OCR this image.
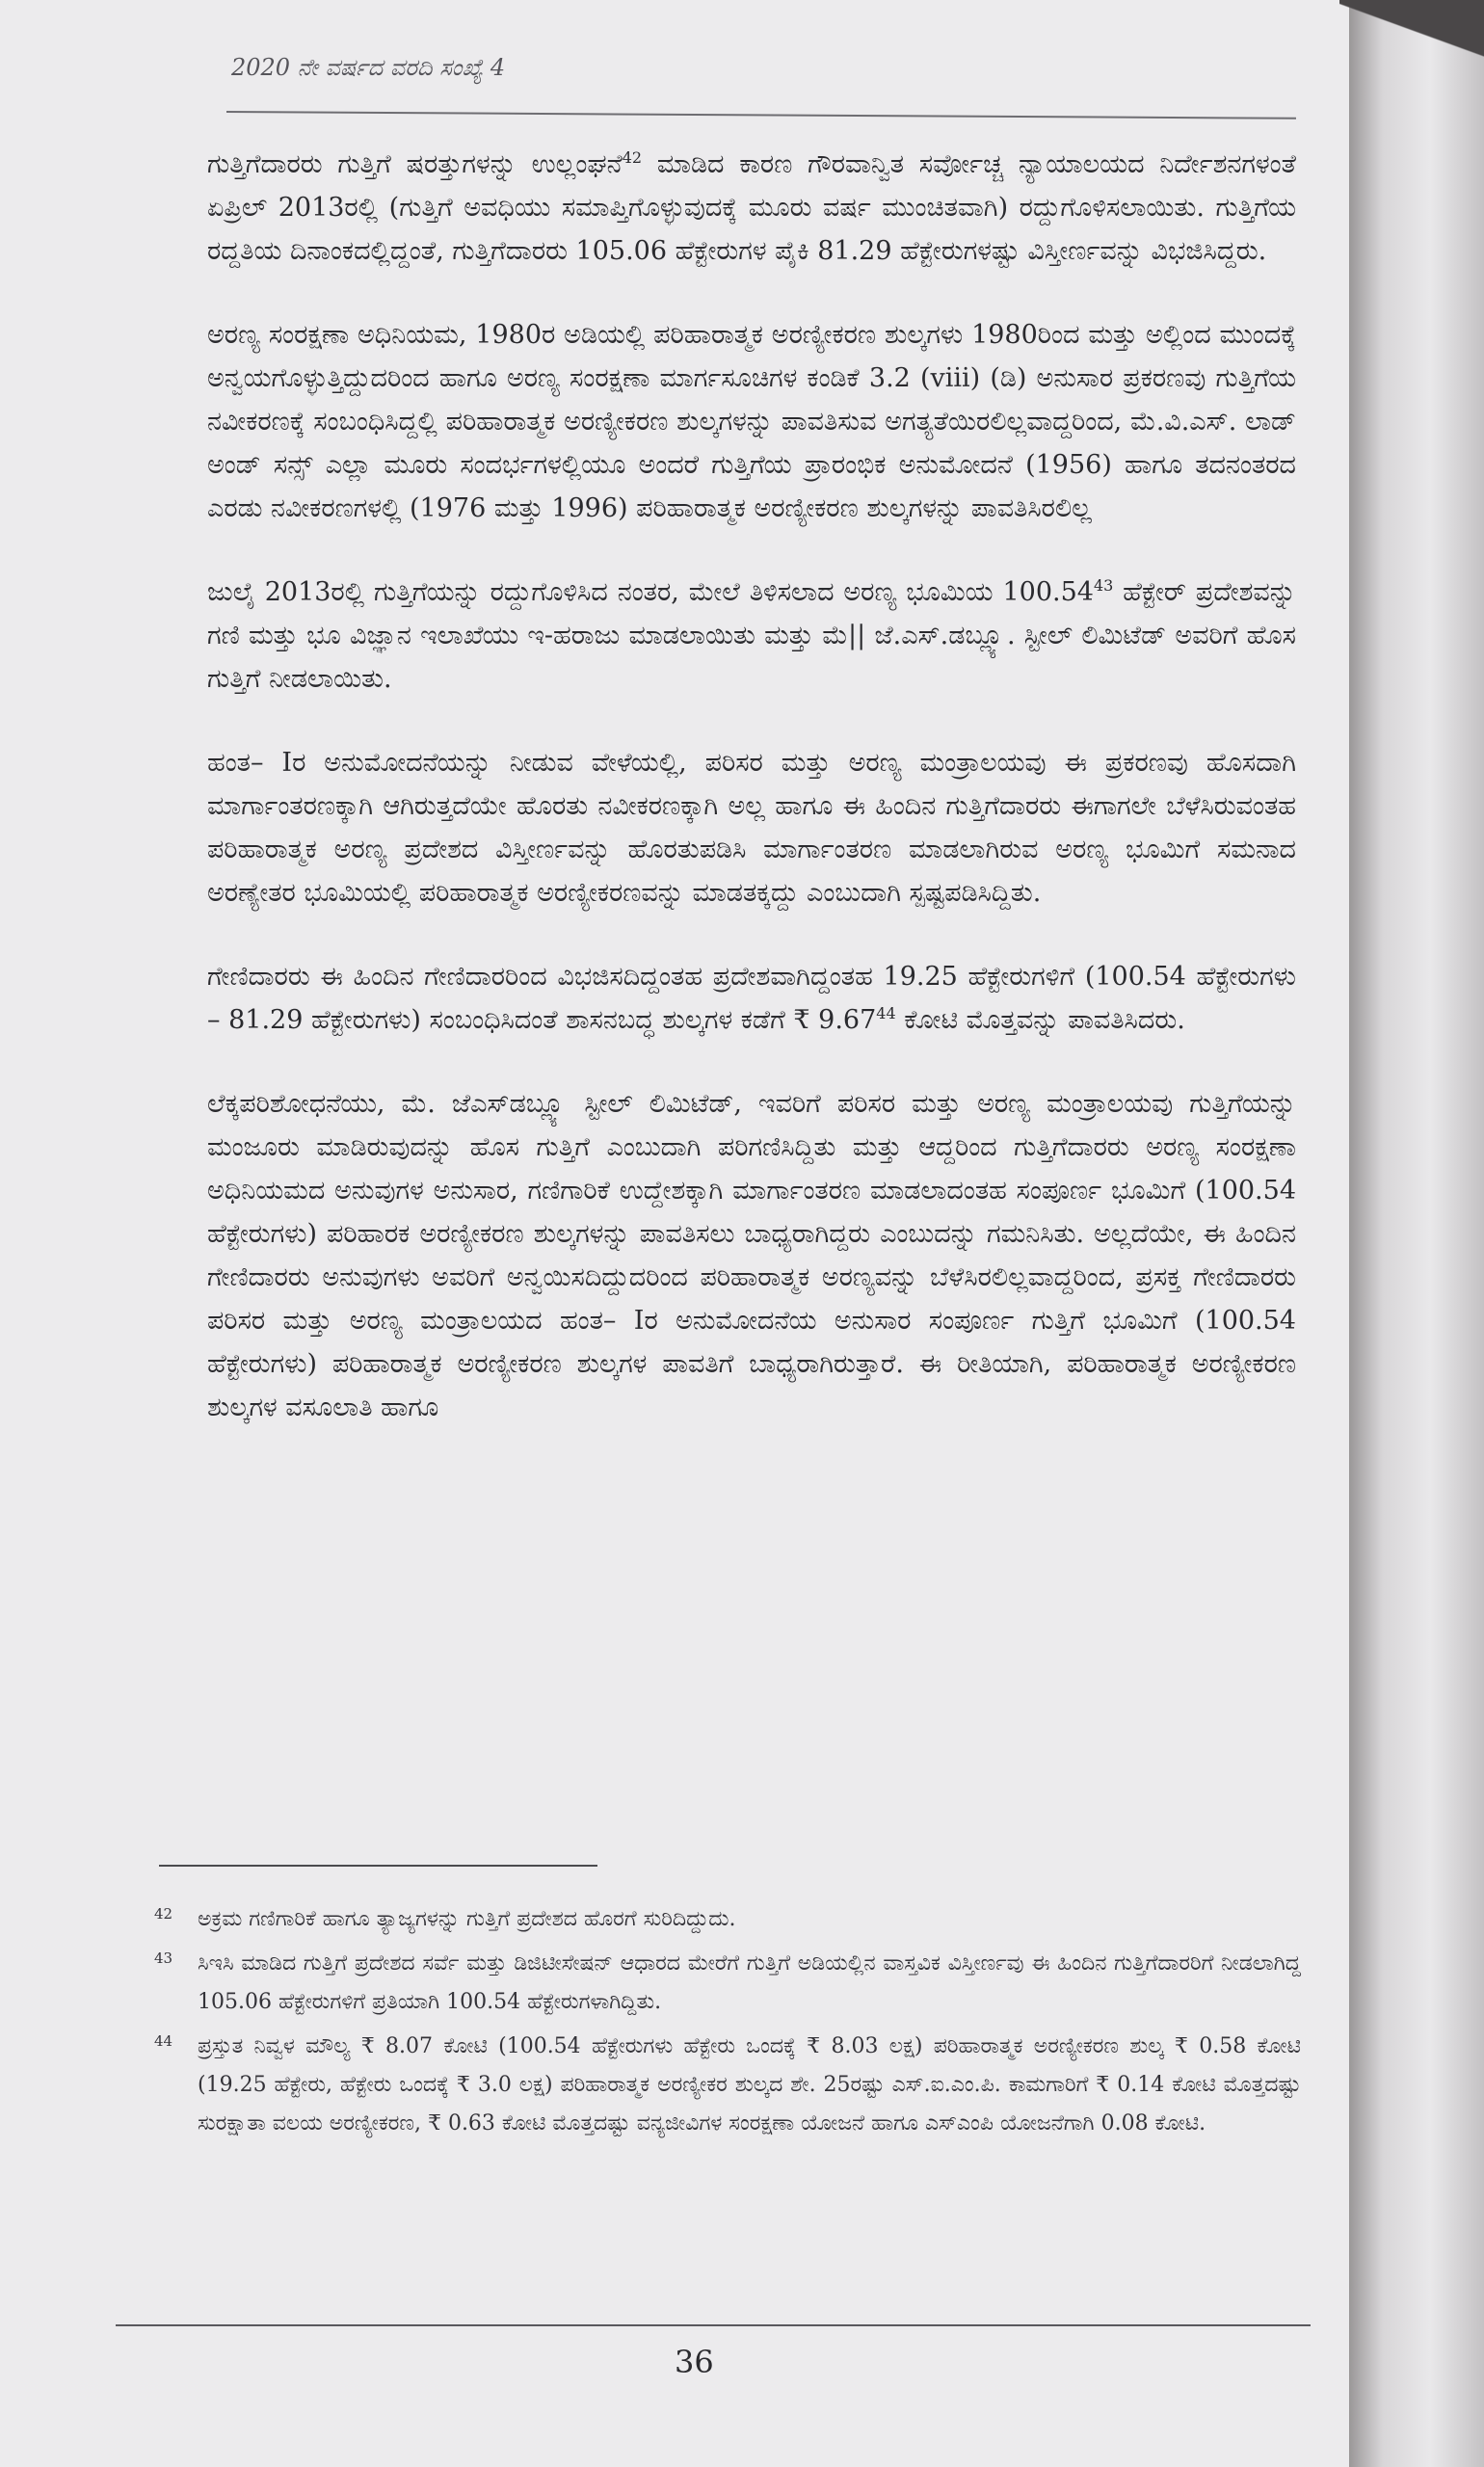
2020 ನೇ ವರ್ಷದ ವರದಿ ಸಂಖ್ಯೆ 4

ಗುತ್ತಿಗೆದಾರರು ಗುತ್ತಿಗೆ ಷರತ್ತುಗಳನ್ನು ಉಲ್ಲಂಘನೆ$^{42}$ ಮಾಡಿದ ಕಾರಣ ಗೌರವಾನ್ವಿತ ಸರ್ವೋಚ್ಚ ನ್ಯಾಯಾಲಯದ ನಿರ್ದೇಶನಗಳಂತೆ ಏಪ್ರಿಲ್ 2013ರಲ್ಲಿ (ಗುತ್ತಿಗೆ ಅವಧಿಯು ಸಮಾಪ್ತಿಗೊಳ್ಳುವುದಕ್ಕೆ ಮೂರು ವರ್ಷ ಮುಂಚಿತವಾಗಿ) ರದ್ದುಗೊಳಿಸಲಾಯಿತು. ಗುತ್ತಿಗೆಯ ರದ್ದತಿಯ ದಿನಾಂಕದಲ್ಲಿದ್ದಂತೆ, ಗುತ್ತಿಗೆದಾರರು 105.06 ಹೆಕ್ಟೇರುಗಳ ಪೈಕಿ 81.29 ಹೆಕ್ಟೇರುಗಳಷ್ಟು ವಿಸ್ತೀರ್ಣವನ್ನು ವಿಭಜಿಸಿದ್ದರು.

ಅರಣ್ಯ ಸಂರಕ್ಷಣಾ ಅಧಿನಿಯಮ, 1980ರ ಅಡಿಯಲ್ಲಿ ಪರಿಹಾರಾತ್ಮಕ ಅರಣ್ಯೀಕರಣ ಶುಲ್ಕಗಳು 1980ರಿಂದ ಮತ್ತು ಅಲ್ಲಿಂದ ಮುಂದಕ್ಕೆ ಅನ್ವಯಗೊಳ್ಳುತ್ತಿದ್ದುದರಿಂದ ಹಾಗೂ ಅರಣ್ಯ ಸಂರಕ್ಷಣಾ ಮಾರ್ಗಸೂಚಿಗಳ ಕಂಡಿಕೆ 3.2 (viii) (ಡಿ) ಅನುಸಾರ ಪ್ರಕರಣವು ಗುತ್ತಿಗೆಯ ನವೀಕರಣಕ್ಕೆ ಸಂಬಂಧಿಸಿದ್ದಲ್ಲಿ ಪರಿಹಾರಾತ್ಮಕ ಅರಣ್ಯೀಕರಣ ಶುಲ್ಕಗಳನ್ನು ಪಾವತಿಸುವ ಅಗತ್ಯತೆಯಿರಲಿಲ್ಲವಾದ್ದರಿಂದ, ಮೆ.ವಿ.ಎಸ್. ಲಾಡ್ ಅಂಡ್ ಸನ್ಸ್ ಎಲ್ಲಾ ಮೂರು ಸಂದರ್ಭಗಳಲ್ಲಿಯೂ ಅಂದರೆ ಗುತ್ತಿಗೆಯ ಪ್ರಾರಂಭಿಕ ಅನುಮೋದನೆ (1956) ಹಾಗೂ ತದನಂತರದ ಎರಡು ನವೀಕರಣಗಳಲ್ಲಿ (1976 ಮತ್ತು 1996) ಪರಿಹಾರಾತ್ಮಕ ಅರಣ್ಯೀಕರಣ ಶುಲ್ಕಗಳನ್ನು ಪಾವತಿಸಿರಲಿಲ್ಲ

ಜುಲೈ 2013ರಲ್ಲಿ ಗುತ್ತಿಗೆಯನ್ನು ರದ್ದುಗೊಳಿಸಿದ ನಂತರ, ಮೇಲೆ ತಿಳಿಸಲಾದ ಅರಣ್ಯ ಭೂಮಿಯ 100.54$^{43}$ ಹೆಕ್ಟೇರ್ ಪ್ರದೇಶವನ್ನು ಗಣಿ ಮತ್ತು ಭೂ ವಿಜ್ಞಾನ ಇಲಾಖೆಯು ಇ-ಹರಾಜು ಮಾಡಲಾಯಿತು ಮತ್ತು ಮೆ|| ಜೆ.ಎಸ್.ಡಬ್ಲ್ಯೂ. ಸ್ಟೀಲ್ ಲಿಮಿಟೆಡ್ ಅವರಿಗೆ ಹೊಸ ಗುತ್ತಿಗೆ ನೀಡಲಾಯಿತು.

ಹಂತ– Iರ ಅನುಮೋದನೆಯನ್ನು ನೀಡುವ ವೇಳೆಯಲ್ಲಿ, ಪರಿಸರ ಮತ್ತು ಅರಣ್ಯ ಮಂತ್ರಾಲಯವು ಈ ಪ್ರಕರಣವು ಹೊಸದಾಗಿ ಮಾರ್ಗಾಂತರಣಕ್ಕಾಗಿ ಆಗಿರುತ್ತದೆಯೇ ಹೊರತು ನವೀಕರಣಕ್ಕಾಗಿ ಅಲ್ಲ ಹಾಗೂ ಈ ಹಿಂದಿನ ಗುತ್ತಿಗೆದಾರರು ಈಗಾಗಲೇ ಬೆಳೆಸಿರುವಂತಹ ಪರಿಹಾರಾತ್ಮಕ ಅರಣ್ಯ ಪ್ರದೇಶದ ವಿಸ್ತೀರ್ಣವನ್ನು ಹೊರತುಪಡಿಸಿ ಮಾರ್ಗಾಂತರಣ ಮಾಡಲಾಗಿರುವ ಅರಣ್ಯ ಭೂಮಿಗೆ ಸಮನಾದ ಅರಣ್ಯೇತರ ಭೂಮಿಯಲ್ಲಿ ಪರಿಹಾರಾತ್ಮಕ ಅರಣ್ಯೀಕರಣವನ್ನು ಮಾಡತಕ್ಕದ್ದು ಎಂಬುದಾಗಿ ಸ್ಪಷ್ಟಪಡಿಸಿದ್ದಿತು.

ಗೇಣಿದಾರರು ಈ ಹಿಂದಿನ ಗೇಣಿದಾರರಿಂದ ವಿಭಜಿಸದಿದ್ದಂತಹ ಪ್ರದೇಶವಾಗಿದ್ದಂತಹ 19.25 ಹೆಕ್ಟೇರುಗಳಿಗೆ (100.54 ಹೆಕ್ಟೇರುಗಳು – 81.29 ಹೆಕ್ಟೇರುಗಳು) ಸಂಬಂಧಿಸಿದಂತೆ ಶಾಸನಬದ್ಧ ಶುಲ್ಕಗಳ ಕಡೆಗೆ ₹ 9.67$^{44}$ ಕೋಟಿ ಮೊತ್ತವನ್ನು ಪಾವತಿಸಿದರು.

ಲೆಕ್ಕಪರಿಶೋಧನೆಯು, ಮೆ. ಜೆಎಸ್‌ಡಬ್ಲ್ಯೂ ಸ್ಟೀಲ್ ಲಿಮಿಟೆಡ್, ಇವರಿಗೆ ಪರಿಸರ ಮತ್ತು ಅರಣ್ಯ ಮಂತ್ರಾಲಯವು ಗುತ್ತಿಗೆಯನ್ನು ಮಂಜೂರು ಮಾಡಿರುವುದನ್ನು ಹೊಸ ಗುತ್ತಿಗೆ ಎಂಬುದಾಗಿ ಪರಿಗಣಿಸಿದ್ದಿತು ಮತ್ತು ಆದ್ದರಿಂದ ಗುತ್ತಿಗೆದಾರರು ಅರಣ್ಯ ಸಂರಕ್ಷಣಾ ಅಧಿನಿಯಮದ ಅನುವುಗಳ ಅನುಸಾರ, ಗಣಿಗಾರಿಕೆ ಉದ್ದೇಶಕ್ಕಾಗಿ ಮಾರ್ಗಾಂತರಣ ಮಾಡಲಾದಂತಹ ಸಂಪೂರ್ಣ ಭೂಮಿಗೆ (100.54 ಹೆಕ್ಟೇರುಗಳು) ಪರಿಹಾರಕ ಅರಣ್ಯೀಕರಣ ಶುಲ್ಕಗಳನ್ನು ಪಾವತಿಸಲು ಬಾಧ್ಯರಾಗಿದ್ದರು ಎಂಬುದನ್ನು ಗಮನಿಸಿತು. ಅಲ್ಲದೆಯೇ, ಈ ಹಿಂದಿನ ಗೇಣಿದಾರರು ಅನುವುಗಳು ಅವರಿಗೆ ಅನ್ವಯಿಸದಿದ್ದುದರಿಂದ ಪರಿಹಾರಾತ್ಮಕ ಅರಣ್ಯವನ್ನು ಬೆಳೆಸಿರಲಿಲ್ಲವಾದ್ದರಿಂದ, ಪ್ರಸಕ್ತ ಗೇಣಿದಾರರು ಪರಿಸರ ಮತ್ತು ಅರಣ್ಯ ಮಂತ್ರಾಲಯದ ಹಂತ– Iರ ಅನುಮೋದನೆಯ ಅನುಸಾರ ಸಂಪೂರ್ಣ ಗುತ್ತಿಗೆ ಭೂಮಿಗೆ (100.54 ಹೆಕ್ಟೇರುಗಳು) ಪರಿಹಾರಾತ್ಮಕ ಅರಣ್ಯೀಕರಣ ಶುಲ್ಕಗಳ ಪಾವತಿಗೆ ಬಾಧ್ಯರಾಗಿರುತ್ತಾರೆ. ಈ ರೀತಿಯಾಗಿ, ಪರಿಹಾರಾತ್ಮಕ ಅರಣ್ಯೀಕರಣ ಶುಲ್ಕಗಳ ವಸೂಲಾತಿ ಹಾಗೂ

42 ಅಕ್ರಮ ಗಣಿಗಾರಿಕೆ ಹಾಗೂ ತ್ಯಾಜ್ಯಗಳನ್ನು ಗುತ್ತಿಗೆ ಪ್ರದೇಶದ ಹೊರಗೆ ಸುರಿದಿದ್ದುದು.
43 ಸಿಇಸಿ ಮಾಡಿದ ಗುತ್ತಿಗೆ ಪ್ರದೇಶದ ಸರ್ವೆ ಮತ್ತು ಡಿಜಿಟೀಸೇಷನ್ ಆಧಾರದ ಮೇರೆಗೆ ಗುತ್ತಿಗೆ ಅಡಿಯಲ್ಲಿನ ವಾಸ್ತವಿಕ ವಿಸ್ತೀರ್ಣವು ಈ ಹಿಂದಿನ ಗುತ್ತಿಗೆದಾರರಿಗೆ ನೀಡಲಾಗಿದ್ದ 105.06 ಹೆಕ್ಟೇರುಗಳಿಗೆ ಪ್ರತಿಯಾಗಿ 100.54 ಹೆಕ್ಟೇರುಗಳಾಗಿದ್ದಿತು.
44 ಪ್ರಸ್ತುತ ನಿವ್ವಳ ಮೌಲ್ಯ ₹ 8.07 ಕೋಟಿ (100.54 ಹೆಕ್ಟೇರುಗಳು ಹೆಕ್ಟೇರು ಒಂದಕ್ಕೆ ₹ 8.03 ಲಕ್ಷ) ಪರಿಹಾರಾತ್ಮಕ ಅರಣ್ಯೀಕರಣ ಶುಲ್ಕ ₹ 0.58 ಕೋಟಿ (19.25 ಹೆಕ್ಟೇರು, ಹೆಕ್ಟೇರು ಒಂದಕ್ಕೆ ₹ 3.0 ಲಕ್ಷ) ಪರಿಹಾರಾತ್ಮಕ ಅರಣ್ಯೀಕರ ಶುಲ್ಕದ ಶೇ. 25ರಷ್ಟು ಎಸ್.ಐ.ಎಂ.ಪಿ. ಕಾಮಗಾರಿಗೆ ₹ 0.14 ಕೋಟಿ ಮೊತ್ತದಷ್ಟು ಸುರಕ್ಷಾತಾ ವಲಯ ಅರಣ್ಯೀಕರಣ, ₹ 0.63 ಕೋಟಿ ಮೊತ್ತದಷ್ಟು ವನ್ಯಜೀವಿಗಳ ಸಂರಕ್ಷಣಾ ಯೋಜನೆ ಹಾಗೂ ಎಸ್‌ಎಂಪಿ ಯೋಜನೆಗಾಗಿ 0.08 ಕೋಟಿ.
36
